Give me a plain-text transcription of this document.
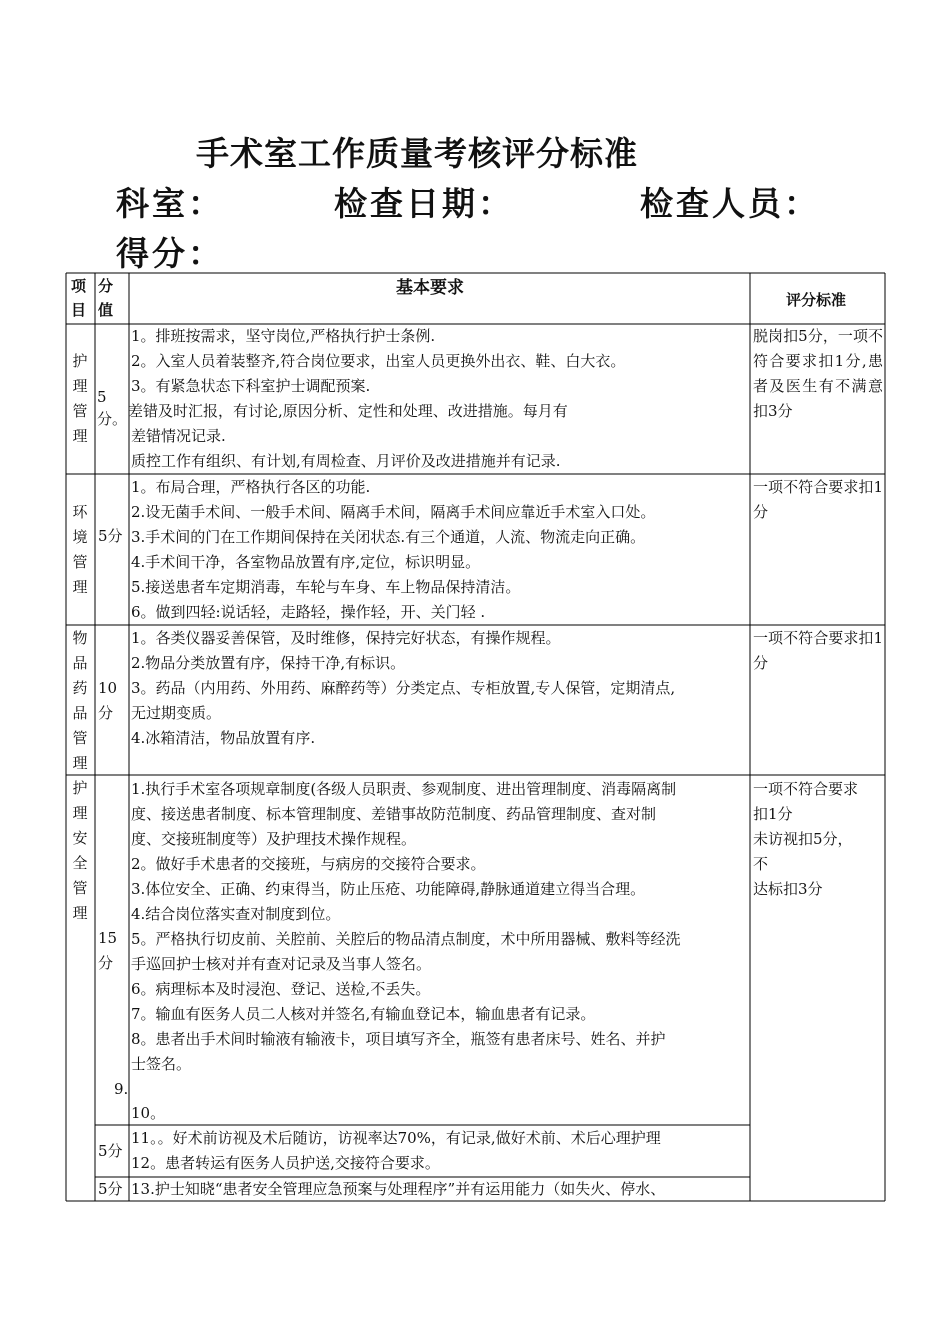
手术室工作质量考核评分标准
科室：	检查日期：	检查人员：
得分：
项目
分值
基本要求
评分标准
护理管理
5分。
1。排班按需求，坚守岗位,严格执行护士条例.
2。入室人员着装整齐,符合岗位要求，出室人员更换外出衣、鞋、白大衣。
3。有紧急状态下科室护士调配预案.
差错及时汇报，有讨论,原因分析、定性和处理、改进措施。每月有
差错情况记录.
质控工作有组织、有计划,有周检查、月评价及改进措施并有记录.
脱岗扣5分，一项不符合要求扣1分,患者及医生有不满意扣3分
环境管理
5分
1。布局合理，严格执行各区的功能.
2.设无菌手术间、一般手术间、隔离手术间，隔离手术间应靠近手术室入口处。
3.手术间的门在工作期间保持在关闭状态.有三个通道，人流、物流走向正确。
4.手术间干净，各室物品放置有序,定位，标识明显。
5.接送患者车定期消毒，车轮与车身、车上物品保持清洁。
6。做到四轻:说话轻，走路轻，操作轻，开、关门轻 .
一项不符合要求扣1分
物品药品管理
10分
1。各类仪器妥善保管，及时维修，保持完好状态，有操作规程。
2.物品分类放置有序，保持干净,有标识。
3。药品（内用药、外用药、麻醉药等）分类定点、专柜放置,专人保管，定期清点,
无过期变质。
4.冰箱清洁，物品放置有序.
一项不符合要求扣1分
护理安全管理
15分
9.
1.执行手术室各项规章制度(各级人员职责、参观制度、进出管理制度、消毒隔离制
度、接送患者制度、标本管理制度、差错事故防范制度、药品管理制度、查对制
度、交接班制度等）及护理技术操作规程。
2。做好手术患者的交接班，与病房的交接符合要求。
3.体位安全、正确、约束得当，防止压疮、功能障碍,静脉通道建立得当合理。
4.结合岗位落实查对制度到位。
5。严格执行切皮前、关腔前、关腔后的物品清点制度，术中所用器械、敷料等经洗
手巡回护士核对并有查对记录及当事人签名。
6。病理标本及时浸泡、登记、送检,不丢失。
7。输血有医务人员二人核对并签名,有输血登记本，输血患者有记录。
8。患者出手术间时输液有输液卡，项目填写齐全，瓶签有患者床号、姓名、并护
士签名。
10。
一项不符合要求
扣1分
未访视扣5分，
不
达标扣3分
5分
11。。好术前访视及术后随访，访视率达70%，有记录,做好术前、术后心理护理
12。患者转运有医务人员护送,交接符合要求。
5分 13.护士知晓“患者安全管理应急预案与处理程序”并有运用能力（如失火、停水、
